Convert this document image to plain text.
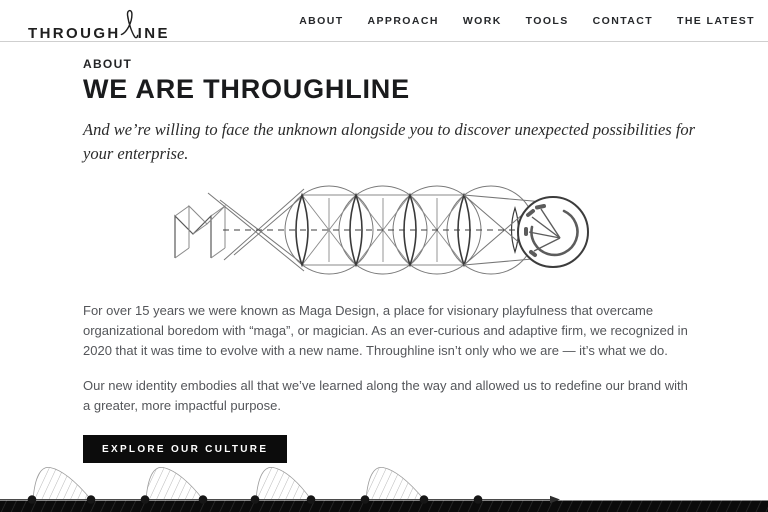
THROUGH INE
ABOUT APPROACH WORK TOOLS CONTACT THE LATEST
ABOUT
WE ARE THROUGHLINE

And we’re willing to face the unknown alongside you to discover unexpected possibilities for your enterprise.

For over 15 years we were known as Maga Design, a place for visionary playfulness that overcame organizational boredom with “maga”, or magician. As an ever-curious and adaptive firm, we recognized in 2020 that it was time to evolve with a new name. Throughline isn’t only who we are — it’s what we do.

Our new identity embodies all that we’ve learned along the way and allowed us to redefine our brand with a greater, more impactful purpose.

EXPLORE OUR CULTURE
